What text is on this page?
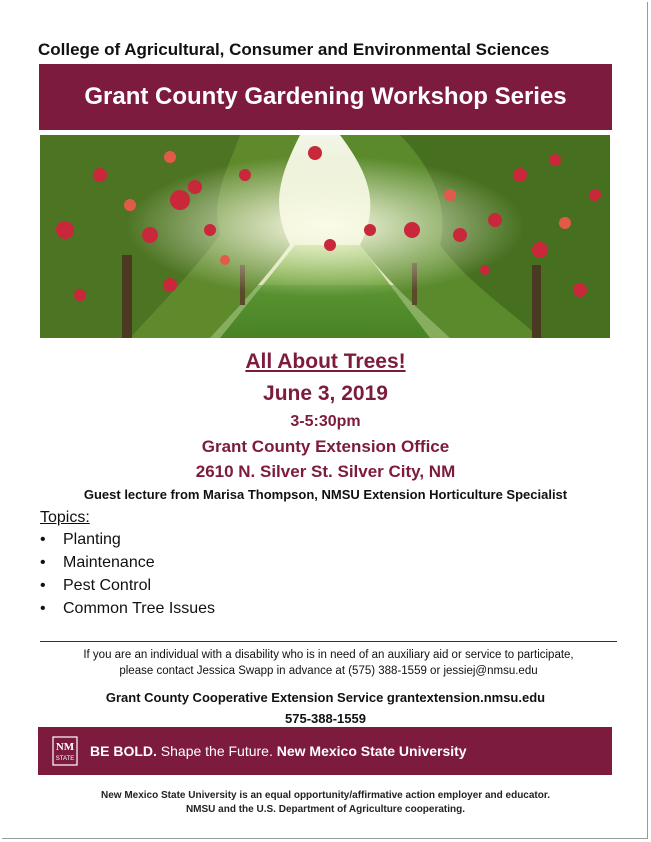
College of Agricultural, Consumer and Environmental Sciences
Grant County Gardening Workshop Series
All About Trees!
June 3, 2019
3-5:30pm
Grant County Extension Office
2610 N. Silver St. Silver City, NM
Guest lecture from Marisa Thompson, NMSU Extension Horticulture Specialist
Topics:
• Planting
• Maintenance
• Pest Control
• Common Tree Issues
If you are an individual with a disability who is in need of an auxiliary aid or service to participate,
please contact Jessica Swapp in advance at (575) 388-1559 or jessiej@nmsu.edu
Grant County Cooperative Extension Service grantextension.nmsu.edu
575-388-1559
NM
STATE BE BOLD. Shape the Future. New Mexico State University
New Mexico State University is an equal opportunity/affirmative action employer and educator.
NMSU and the U.S. Department of Agriculture cooperating.
